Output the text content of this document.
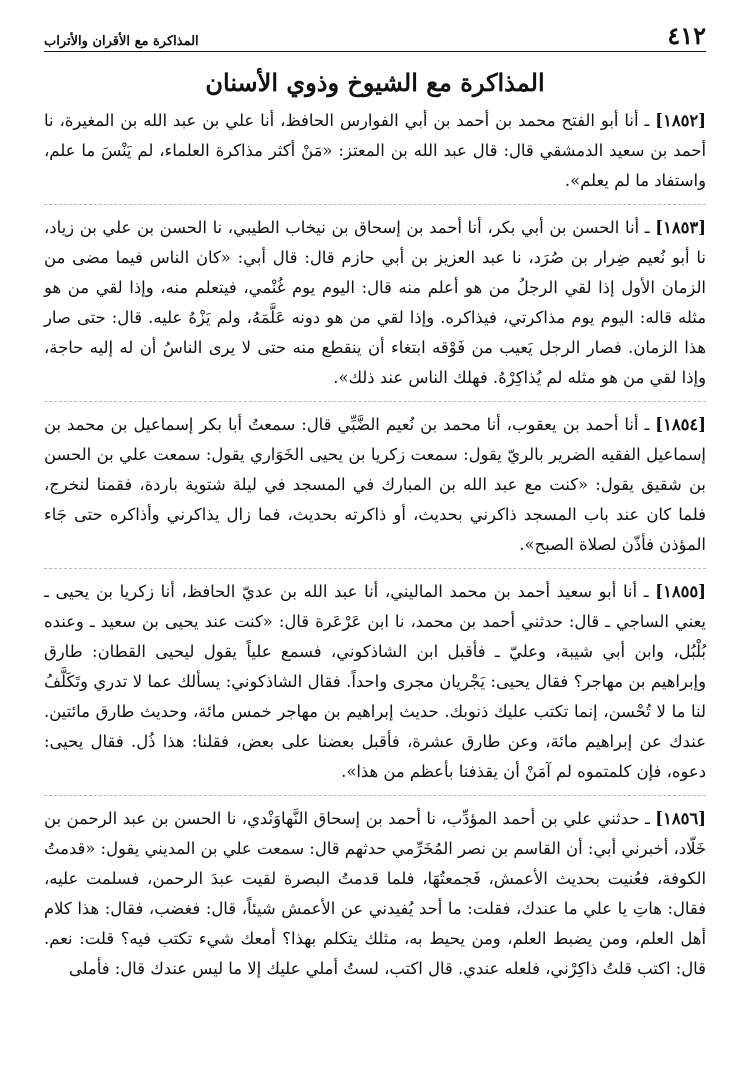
٤١٢
المذاكرة مع الأقران والأتراب
المذاكرة مع الشيوخ وذوي الأسنان
[١٨٥٢] ـ أنا أبو الفتح محمد بن أحمد بن أبي الفوارس الحافظ، أنا علي بن عبد الله بن المغيرة، نا أحمد بن سعيد الدمشقي قال: قال عبد الله بن المعتز: «مَنْ أكثر مذاكرة العلماء، لم يَنْسَ ما علم، واستفاد ما لم يعلم».
[١٨٥٣] ـ أنا الحسن بن أبي بكر، أنا أحمد بن إسحاق بن نيخاب الطيبي، نا الحسن بن علي بن زياد، نا أبو نُعيم ضِرار بن صُرَد، نا عبد العزيز بن أبي حازم قال: قال أبي: «كان الناس فيما مضى من الزمان الأول إذا لقي الرجلُ من هو أعلم منه قال: اليوم يوم غُنْمي، فيتعلم منه، وإذا لقي من هو مثله قاله: اليوم يوم مذاكرتي، فيذاكره. وإذا لقي من هو دونه عَلَّمَهُ، ولم يَزْهُ عليه. قال: حتى صار هذا الزمان. فصار الرجل يَعيب من فَوْقه ابتغاء أن ينقطع منه حتى لا يرى الناسُ أن له إليه حاجة، وإذا لقي من هو مثله لم يُذاكِرْهُ. فهلك الناس عند ذلك».
[١٨٥٤] ـ أنا أحمد بن يعقوب، أنا محمد بن نُعيم الضَّبِّي قال: سمعتُ أبا بكر إسماعيل بن محمد بن إسماعيل الفقيه الضرير بالريّ يقول: سمعت زكريا بن يحيى الخَوَاري يقول: سمعت علي بن الحسن بن شقيق يقول: «كنت مع عبد الله بن المبارك في المسجد في ليلة شتوية باردة، فقمنا لنخرج، فلما كان عند باب المسجد ذاكرني بحديث، أو ذاكرته بحديث، فما زال يذاكرني وأذاكره حتى جَاء المؤذن فأذّن لصلاة الصبح».
[١٨٥٥] ـ أنا أبو سعيد أحمد بن محمد الماليني، أنا عبد الله بن عديّ الحافظ، أنا زكريا بن يحيى ـ يعني الساجي ـ قال: حدثني أحمد بن محمد، نا ابن عَرْعَرة قال: «كنت عند يحيى بن سعيد ـ وعنده بُلْبُل، وابن أبي شيبة، وعليّ ـ فأقبل ابن الشاذكوني، فسمع علياً يقول ليحيى القطان: طارق وإبراهيم بن مهاجر؟ فقال يحيى: يَجْريان مجرى واحداً. فقال الشاذكوني: يسألك عما لا تدري وتَكَلَّفُ لنا ما لا تُحْسن، إنما تكتب عليك ذنوبك. حديث إبراهيم بن مهاجر خمس مائة، وحديث طارق مائتين. عندك عن إبراهيم مائة، وعن طارق عشرة، فأقبل بعضنا على بعض، فقلنا: هذا ذُل. فقال يحيى: دعوه، فإن كلمتموه لم آمَنْ أن يقذفنا بأعظم من هذا».
[١٨٥٦] ـ حدثني علي بن أحمد المؤدِّب، نا أحمد بن إسحاق النَّهاوَنْدي، نا الحسن بن عبد الرحمن بن خَلّاد، أخبرني أبي: أن القاسم بن نصر المُخَرِّمي حدثهم قال: سمعت علي بن المديني يقول: «قدمتُ الكوفة، فعُنيت بحديث الأعمش، فَجمعتُهَا، فلما قدمتُ البصرة لقيت عبدَ الرحمن، فسلمت عليه، فقال: هاتِ يا علي ما عندك، فقلت: ما أحد يُفيدني عن الأعمش شيئاً، قال: فغضب، فقال: هذا كلام أهل العلم، ومن يضبط العلم، ومن يحيط به، مثلك يتكلم بهذا؟ أمعك شيء تكتب فيه؟ قلت: نعم. قال: اكتب قلتُ ذاكِرْني، فلعله عندي. قال اكتب، لستُ أملي عليك إلا ما ليس عندك قال: فأملى
